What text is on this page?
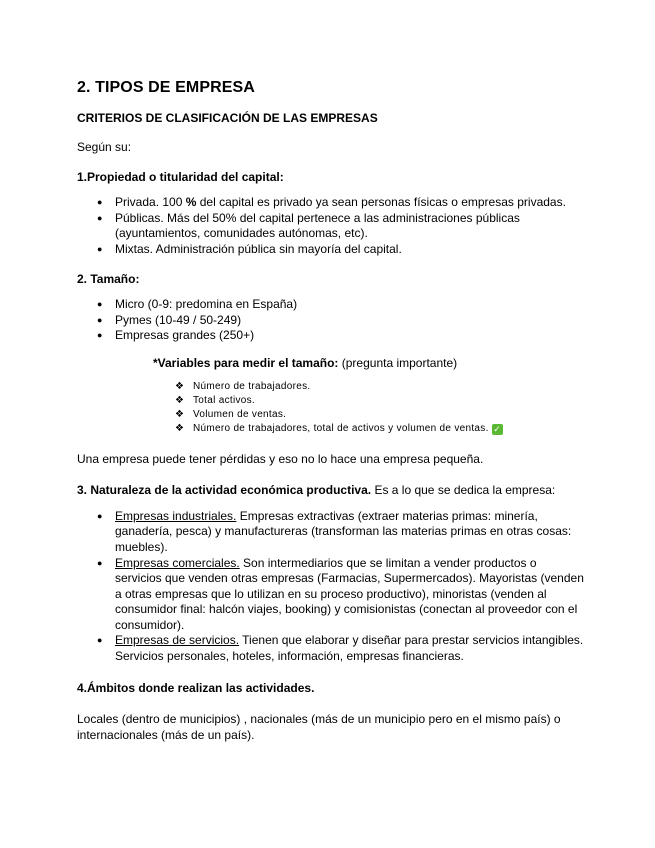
2. TIPOS DE EMPRESA
CRITERIOS DE CLASIFICACIÓN DE LAS EMPRESAS

Según su:

1.Propiedad o titularidad del capital:

● Privada. 100 % del capital es privado ya sean personas físicas o empresas privadas.
● Públicas. Más del 50% del capital pertenece a las administraciones públicas (ayuntamientos, comunidades autónomas, etc).
● Mixtas. Administración pública sin mayoría del capital.

2. Tamaño:

● Micro (0-9: predomina en España)
● Pymes (10-49 / 50-249)
● Empresas grandes (250+)

*Variables para medir el tamaño: (pregunta importante)

❖ Número de trabajadores.
❖ Total activos.
❖ Volumen de ventas.
❖ Número de trabajadores, total de activos y volumen de ventas. ✓

Una empresa puede tener pérdidas y eso no lo hace una empresa pequeña.

3. Naturaleza de la actividad económica productiva. Es a lo que se dedica la empresa:

● Empresas industriales. Empresas extractivas (extraer materias primas: minería, ganadería, pesca) y manufactureras (transforman las materias primas en otras cosas: muebles).
● Empresas comerciales. Son intermediarios que se limitan a vender productos o servicios que venden otras empresas (Farmacias, Supermercados). Mayoristas (venden a otras empresas que lo utilizan en su proceso productivo), minoristas (venden al consumidor final: halcón viajes, booking) y comisionistas (conectan al proveedor con el consumidor).
● Empresas de servicios. Tienen que elaborar y diseñar para prestar servicios intangibles. Servicios personales, hoteles, información, empresas financieras.

4.Ámbitos donde realizan las actividades.

Locales (dentro de municipios) , nacionales (más de un municipio pero en el mismo país) o internacionales (más de un país).
